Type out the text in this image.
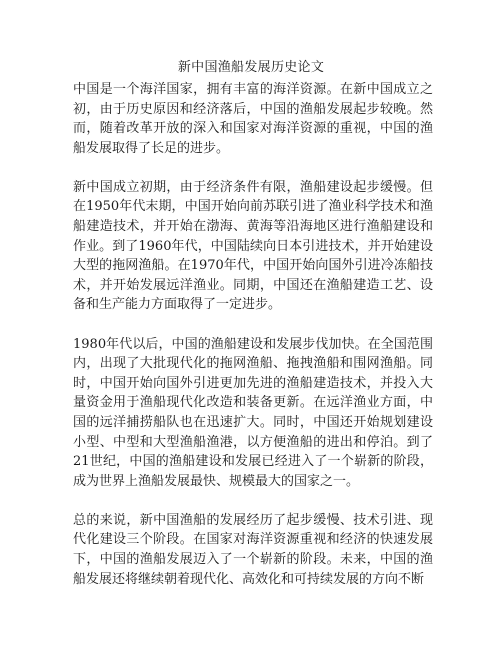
新中国渔船发展历史论文

中国是一个海洋国家，拥有丰富的海洋资源。在新中国成立之初，由于历史原因和经济落后，中国的渔船发展起步较晚。然而，随着改革开放的深入和国家对海洋资源的重视，中国的渔船发展取得了长足的进步。

新中国成立初期，由于经济条件有限，渔船建设起步缓慢。但在1950年代末期，中国开始向前苏联引进了渔业科学技术和渔船建造技术，并开始在渤海、黄海等沿海地区进行渔船建设和作业。到了1960年代，中国陆续向日本引进技术，并开始建设大型的拖网渔船。在1970年代，中国开始向国外引进冷冻船技术，并开始发展远洋渔业。同期，中国还在渔船建造工艺、设备和生产能力方面取得了一定进步。

1980年代以后，中国的渔船建设和发展步伐加快。在全国范围内，出现了大批现代化的拖网渔船、拖拽渔船和围网渔船。同时，中国开始向国外引进更加先进的渔船建造技术，并投入大量资金用于渔船现代化改造和装备更新。在远洋渔业方面，中国的远洋捕捞船队也在迅速扩大。同时，中国还开始规划建设小型、中型和大型渔船渔港，以方便渔船的进出和停泊。到了21世纪，中国的渔船建设和发展已经进入了一个崭新的阶段，成为世界上渔船发展最快、规模最大的国家之一。

总的来说，新中国渔船的发展经历了起步缓慢、技术引进、现代化建设三个阶段。在国家对海洋资源重视和经济的快速发展下，中国的渔船发展迈入了一个崭新的阶段。未来，中国的渔船发展还将继续朝着现代化、高效化和可持续发展的方向不断
